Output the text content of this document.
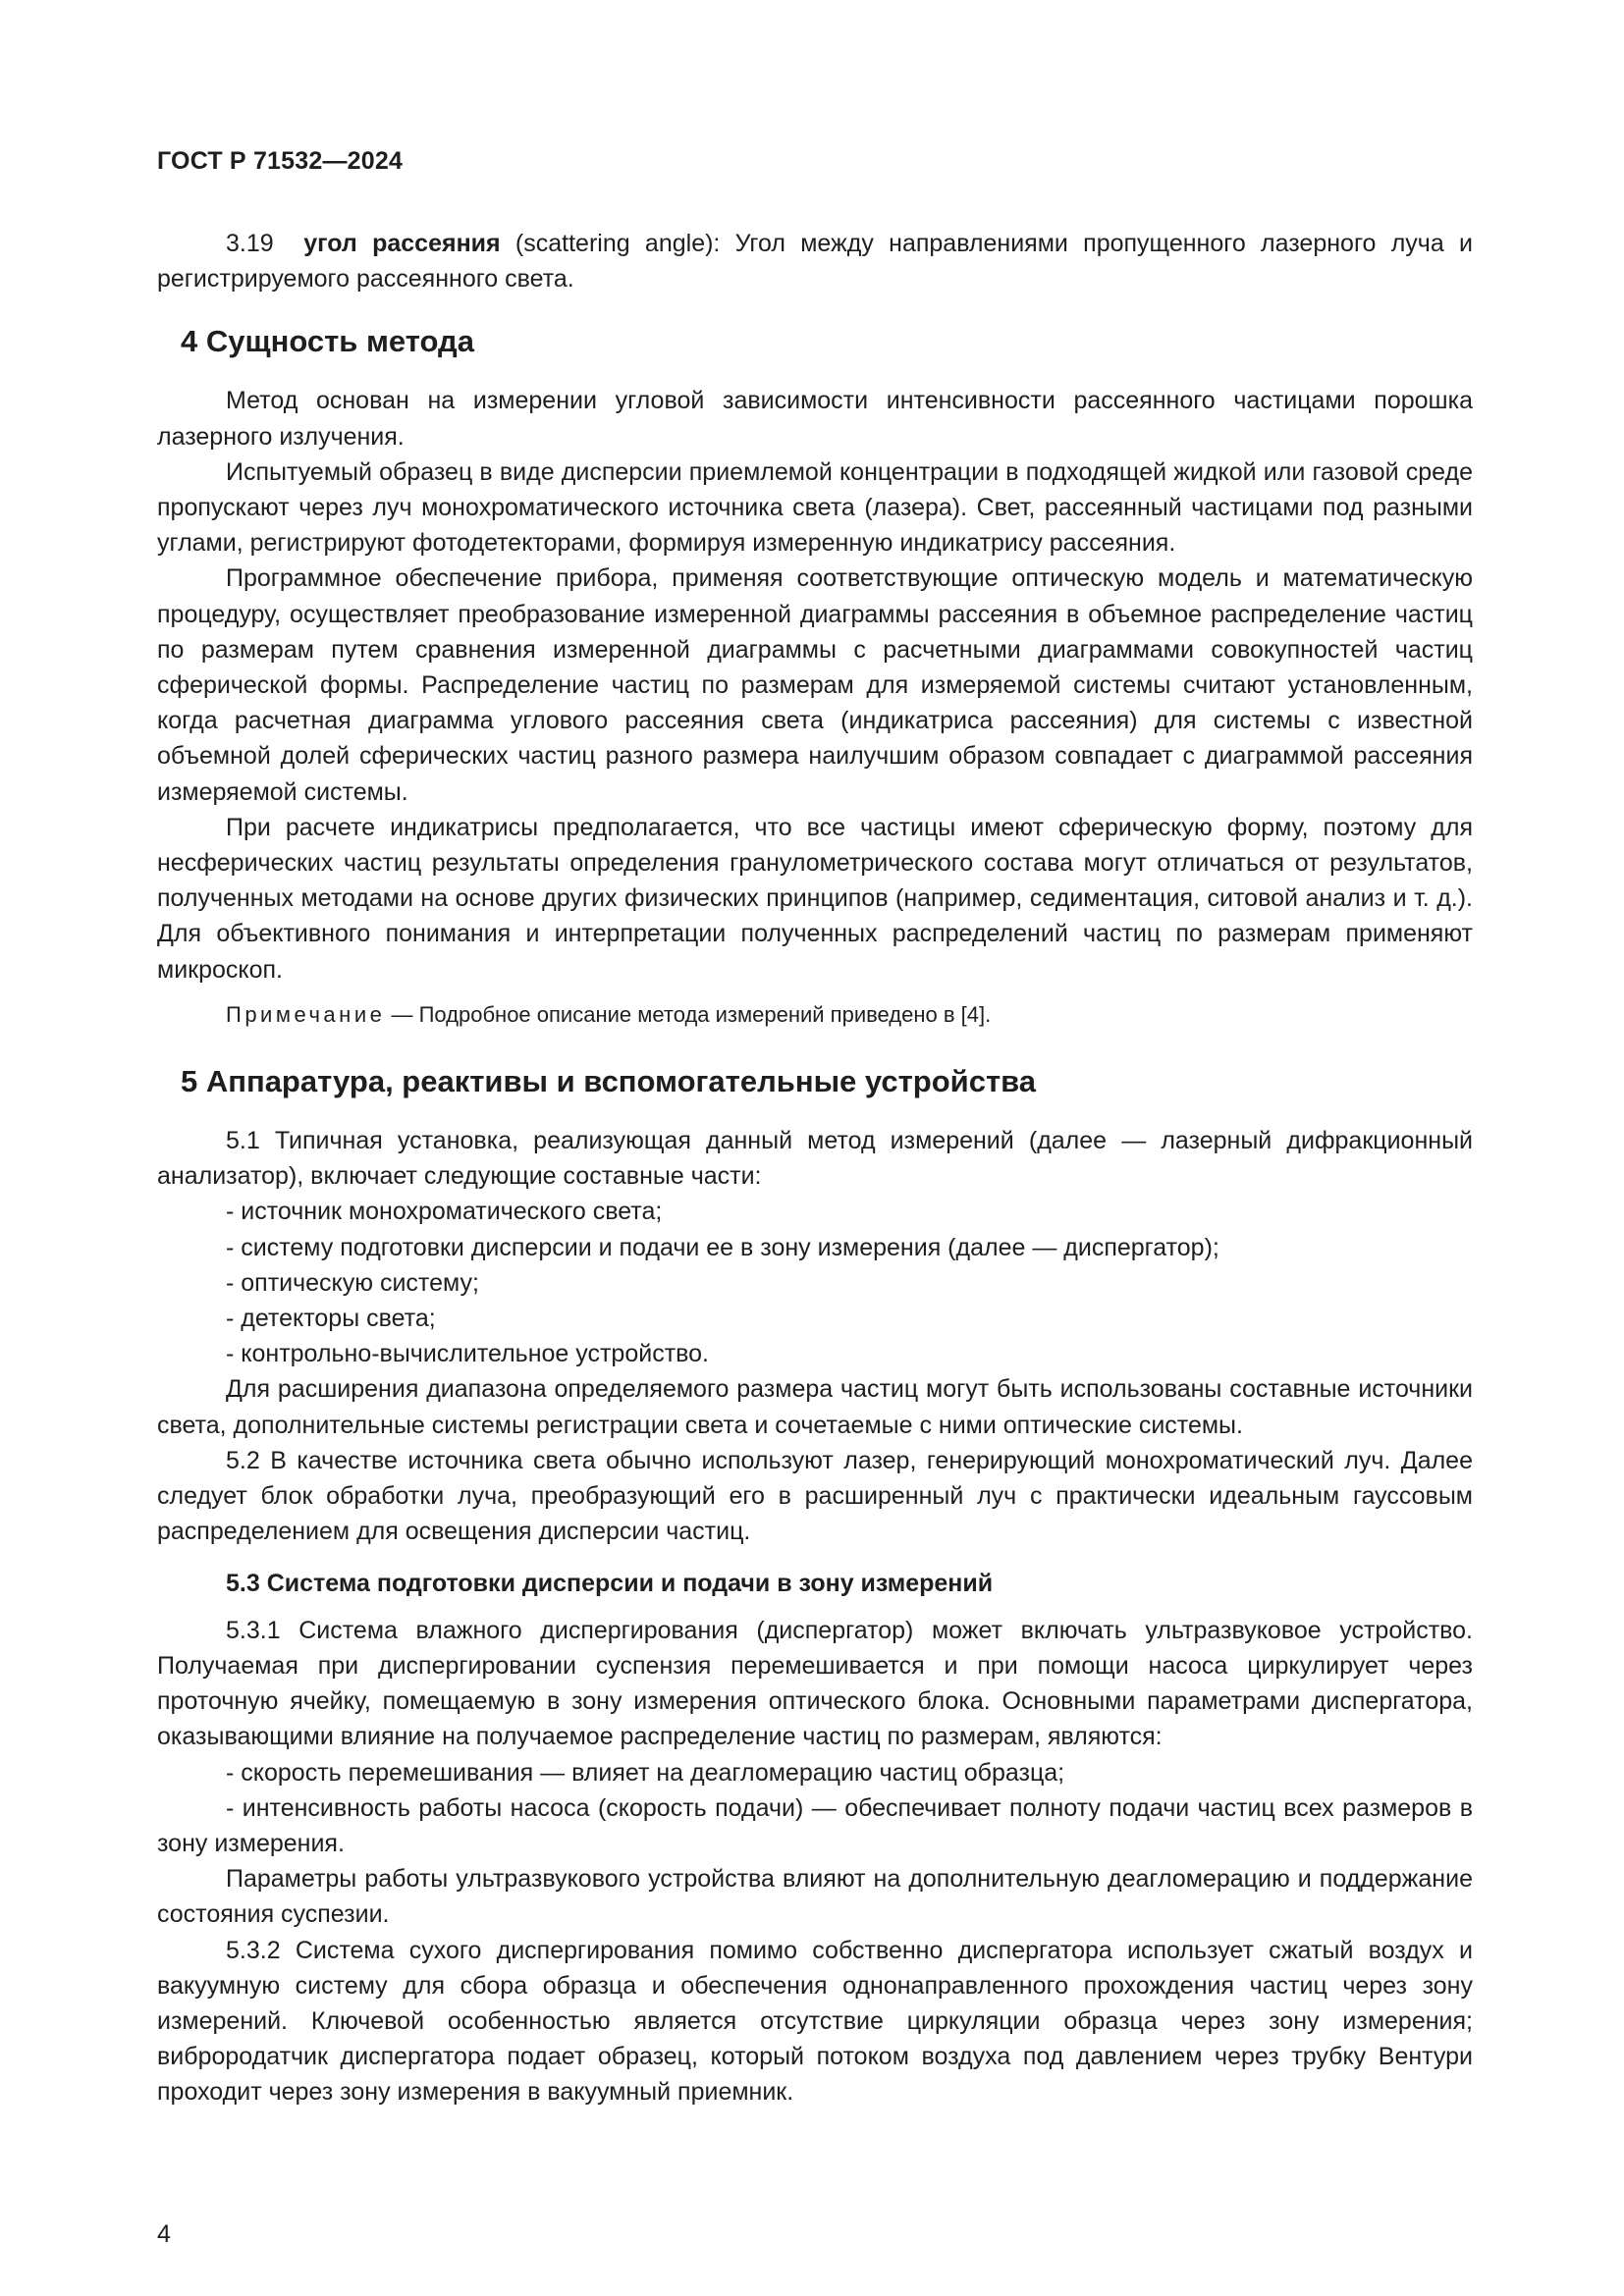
ГОСТ Р 71532—2024

3.19 угол рассеяния (scattering angle): Угол между направлениями пропущенного лазерного луча и регистрируемого рассеянного света.

4 Сущность метода

Метод основан на измерении угловой зависимости интенсивности рассеянного частицами порошка лазерного излучения.

Испытуемый образец в виде дисперсии приемлемой концентрации в подходящей жидкой или газовой среде пропускают через луч монохроматического источника света (лазера). Свет, рассеянный частицами под разными углами, регистрируют фотодетекторами, формируя измеренную индикатрису рассеяния.

Программное обеспечение прибора, применяя соответствующие оптическую модель и математическую процедуру, осуществляет преобразование измеренной диаграммы рассеяния в объемное распределение частиц по размерам путем сравнения измеренной диаграммы с расчетными диаграммами совокупностей частиц сферической формы. Распределение частиц по размерам для измеряемой системы считают установленным, когда расчетная диаграмма углового рассеяния света (индикатриса рассеяния) для системы с известной объемной долей сферических частиц разного размера наилучшим образом совпадает с диаграммой рассеяния измеряемой системы.

При расчете индикатрисы предполагается, что все частицы имеют сферическую форму, поэтому для несферических частиц результаты определения гранулометрического состава могут отличаться от результатов, полученных методами на основе других физических принципов (например, седиментация, ситовой анализ и т. д.). Для объективного понимания и интерпретации полученных распределений частиц по размерам применяют микроскоп.

Примечание — Подробное описание метода измерений приведено в [4].

5 Аппаратура, реактивы и вспомогательные устройства

5.1 Типичная установка, реализующая данный метод измерений (далее — лазерный дифракционный анализатор), включает следующие составные части:

- источник монохроматического света;

- систему подготовки дисперсии и подачи ее в зону измерения (далее — диспергатор);

- оптическую систему;

- детекторы света;

- контрольно-вычислительное устройство.

Для расширения диапазона определяемого размера частиц могут быть использованы составные источники света, дополнительные системы регистрации света и сочетаемые с ними оптические системы.

5.2 В качестве источника света обычно используют лазер, генерирующий монохроматический луч. Далее следует блок обработки луча, преобразующий его в расширенный луч с практически идеальным гауссовым распределением для освещения дисперсии частиц.

5.3 Система подготовки дисперсии и подачи в зону измерений

5.3.1 Система влажного диспергирования (диспергатор) может включать ультразвуковое устройство. Получаемая при диспергировании суспензия перемешивается и при помощи насоса циркулирует через проточную ячейку, помещаемую в зону измерения оптического блока. Основными параметрами диспергатора, оказывающими влияние на получаемое распределение частиц по размерам, являются:

- скорость перемешивания — влияет на деагломерацию частиц образца;

- интенсивность работы насоса (скорость подачи) — обеспечивает полноту подачи частиц всех размеров в зону измерения.

Параметры работы ультразвукового устройства влияют на дополнительную деагломерацию и поддержание состояния суспезии.

5.3.2 Система сухого диспергирования помимо собственно диспергатора использует сжатый воздух и вакуумную систему для сбора образца и обеспечения однонаправленного прохождения частиц через зону измерений. Ключевой особенностью является отсутствие циркуляции образца через зону измерения; вибpopодатчик диспергатора подает образец, который потоком воздуха под давлением через трубку Вентури проходит через зону измерения в вакуумный приемник.

4
